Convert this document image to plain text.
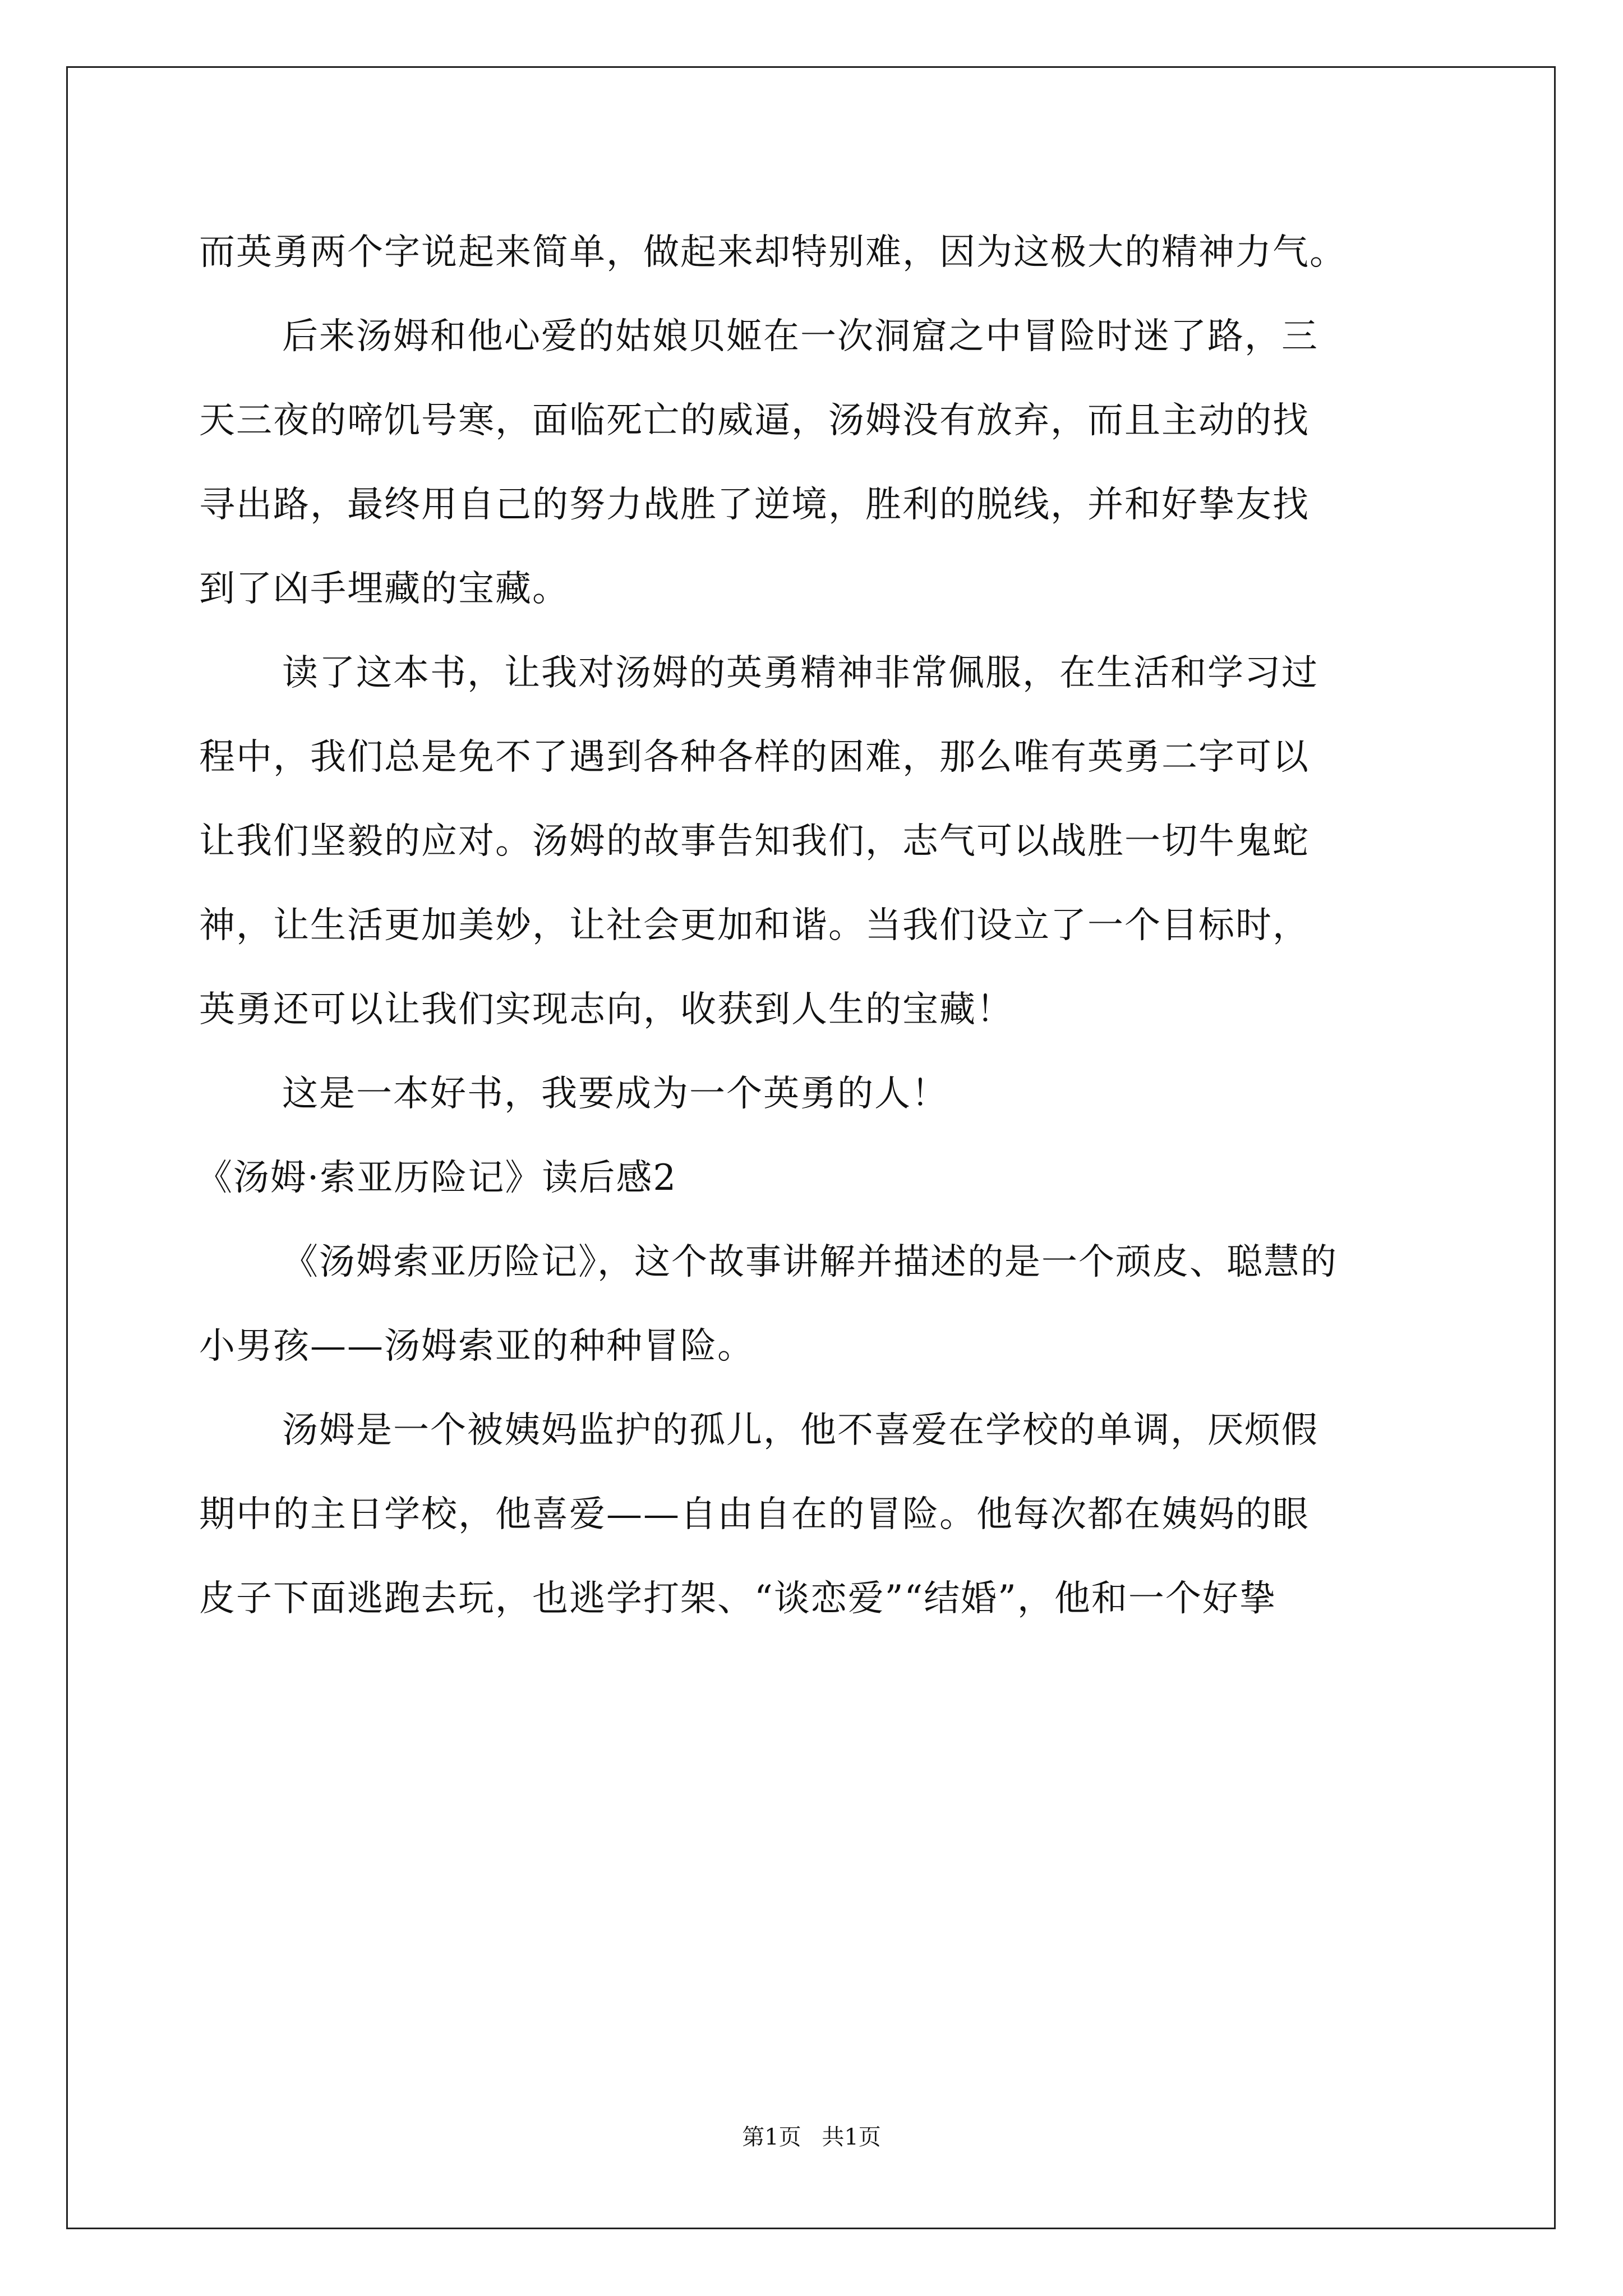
而英勇两个字说起来简单，做起来却特别难，因为这极大的精神力气。
后来汤姆和他心爱的姑娘贝姬在一次洞窟之中冒险时迷了路，三
天三夜的啼饥号寒，面临死亡的威逼，汤姆没有放弃，而且主动的找
寻出路，最终用自己的努力战胜了逆境，胜利的脱线，并和好挚友找
到了凶手埋藏的宝藏。
读了这本书，让我对汤姆的英勇精神非常佩服，在生活和学习过
程中，我们总是免不了遇到各种各样的困难，那么唯有英勇二字可以
让我们坚毅的应对。汤姆的故事告知我们，志气可以战胜一切牛鬼蛇
神，让生活更加美妙，让社会更加和谐。当我们设立了一个目标时，
英勇还可以让我们实现志向，收获到人生的宝藏！
这是一本好书，我要成为一个英勇的人！
《汤姆·索亚历险记》读后感2
《汤姆索亚历险记》，这个故事讲解并描述的是一个顽皮、聪慧的
小男孩——汤姆索亚的种种冒险。
汤姆是一个被姨妈监护的孤儿，他不喜爱在学校的单调，厌烦假
期中的主日学校，他喜爱——自由自在的冒险。他每次都在姨妈的眼
皮子下面逃跑去玩，也逃学打架、“谈恋爱”“结婚”，他和一个好挚
第1页 共1页
